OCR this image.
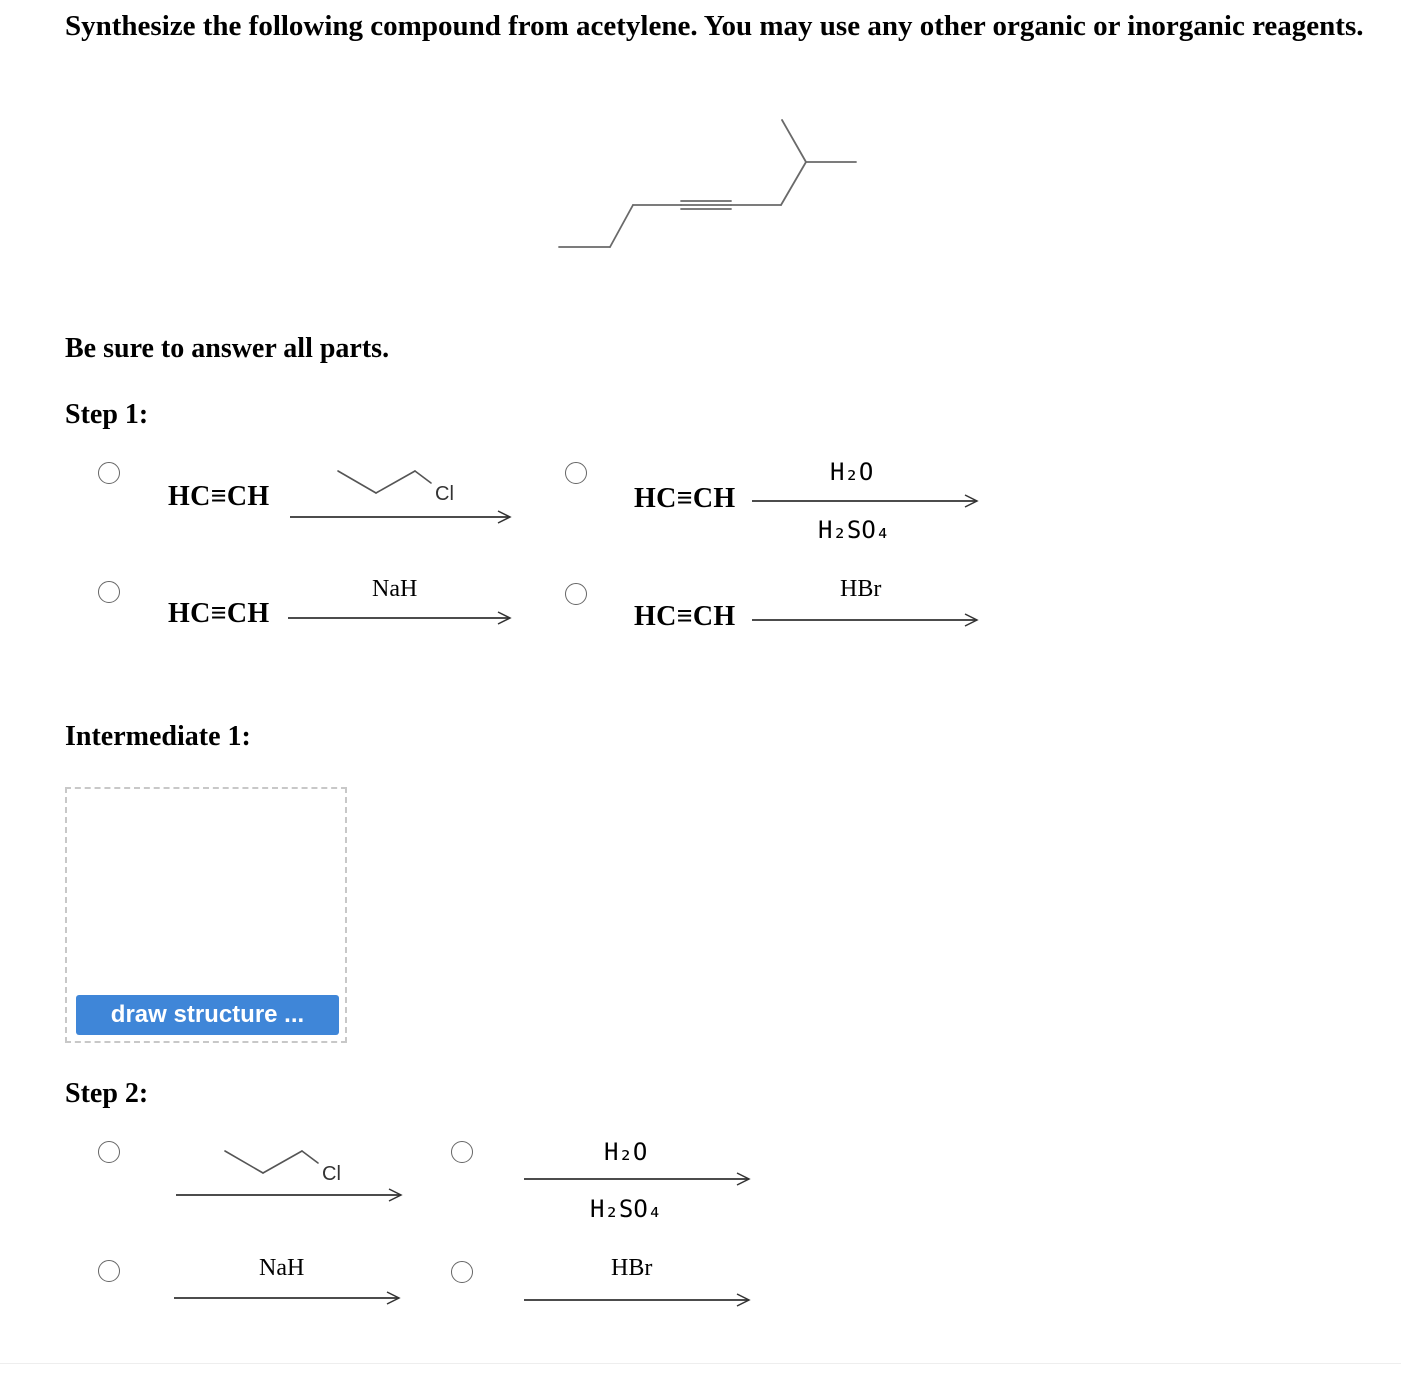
Synthesize the following compound from acetylene. You may use any other organic or inorganic reagents.
Be sure to answer all parts.
Step 1:
HC≡CH	Cl	HC≡CH
H₂O
H₂SO₄
HC≡CH
NaH
HC≡CH
HBr
Intermediate 1:
draw structure ...
Step 2:
Cl
H₂O
H₂SO₄
NaH	HBr
